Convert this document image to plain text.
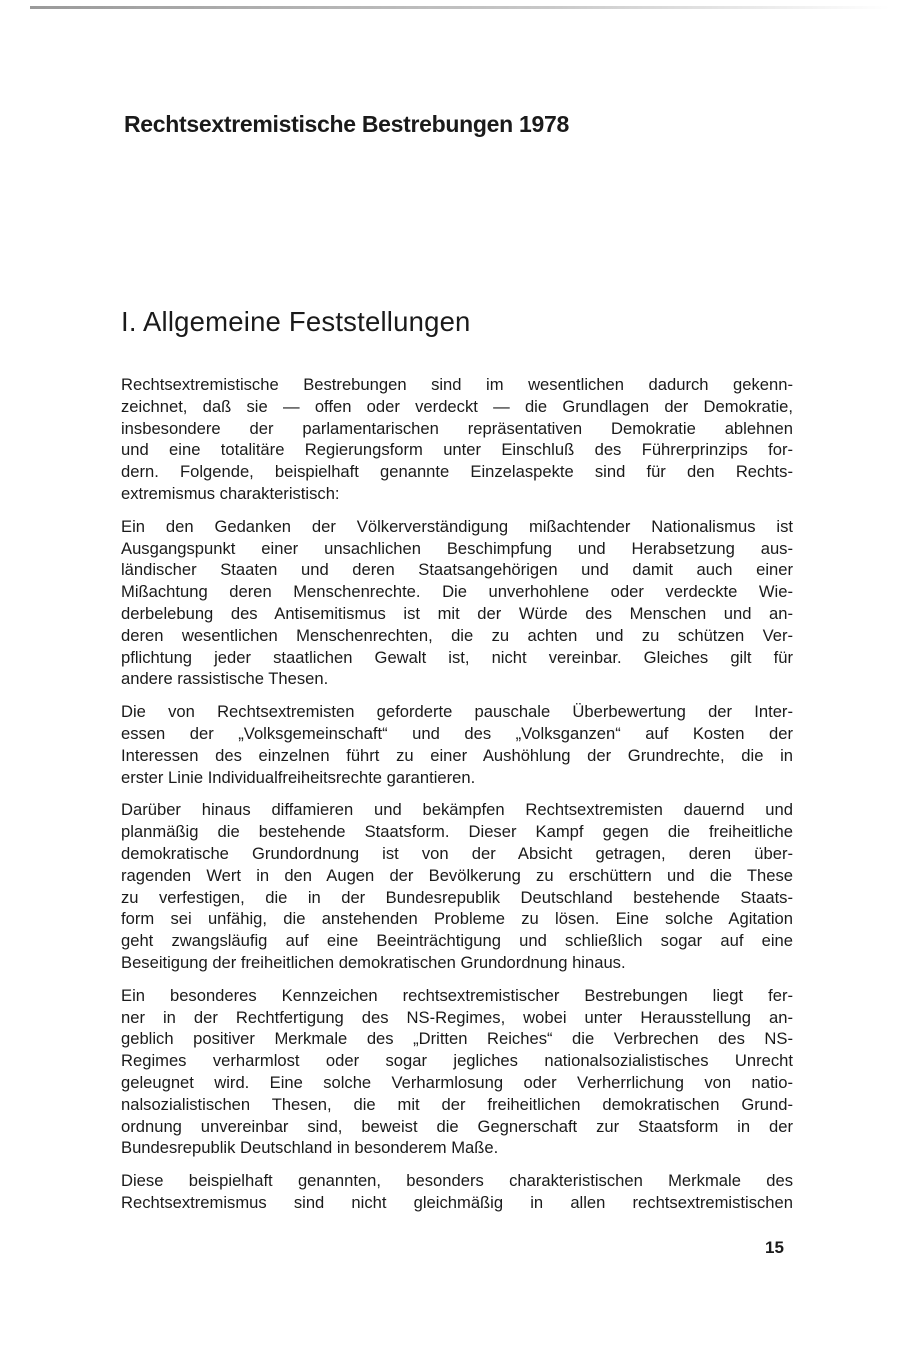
Rechtsextremistische Bestrebungen 1978
I. Allgemeine Feststellungen

Rechtsextremistische Bestrebungen sind im wesentlichen dadurch gekenn-
zeichnet, daß sie — offen oder verdeckt — die Grundlagen der Demokratie,
insbesondere der parlamentarischen repräsentativen Demokratie ablehnen
und eine totalitäre Regierungsform unter Einschluß des Führerprinzips for-
dern. Folgende, beispielhaft genannte Einzelaspekte sind für den Rechts-
extremismus charakteristisch:

Ein den Gedanken der Völkerverständigung mißachtender Nationalismus ist
Ausgangspunkt einer unsachlichen Beschimpfung und Herabsetzung aus-
ländischer Staaten und deren Staatsangehörigen und damit auch einer
Mißachtung deren Menschenrechte. Die unverhohlene oder verdeckte Wie-
derbelebung des Antisemitismus ist mit der Würde des Menschen und an-
deren wesentlichen Menschenrechten, die zu achten und zu schützen Ver-
pflichtung jeder staatlichen Gewalt ist, nicht vereinbar. Gleiches gilt für
andere rassistische Thesen.

Die von Rechtsextremisten geforderte pauschale Überbewertung der Inter-
essen der „Volksgemeinschaft“ und des „Volksganzen“ auf Kosten der
Interessen des einzelnen führt zu einer Aushöhlung der Grundrechte, die in
erster Linie Individualfreiheitsrechte garantieren.

Darüber hinaus diffamieren und bekämpfen Rechtsextremisten dauernd und
planmäßig die bestehende Staatsform. Dieser Kampf gegen die freiheitliche
demokratische Grundordnung ist von der Absicht getragen, deren über-
ragenden Wert in den Augen der Bevölkerung zu erschüttern und die These
zu verfestigen, die in der Bundesrepublik Deutschland bestehende Staats-
form sei unfähig, die anstehenden Probleme zu lösen. Eine solche Agitation
geht zwangsläufig auf eine Beeinträchtigung und schließlich sogar auf eine
Beseitigung der freiheitlichen demokratischen Grundordnung hinaus.

Ein besonderes Kennzeichen rechtsextremistischer Bestrebungen liegt fer-
ner in der Rechtfertigung des NS-Regimes, wobei unter Herausstellung an-
geblich positiver Merkmale des „Dritten Reiches“ die Verbrechen des NS-
Regimes verharmlost oder sogar jegliches nationalsozialistisches Unrecht
geleugnet wird. Eine solche Verharmlosung oder Verherrlichung von natio-
nalsozialistischen Thesen, die mit der freiheitlichen demokratischen Grund-
ordnung unvereinbar sind, beweist die Gegnerschaft zur Staatsform in der
Bundesrepublik Deutschland in besonderem Maße.

Diese beispielhaft genannten, besonders charakteristischen Merkmale des
Rechtsextremismus sind nicht gleichmäßig in allen rechtsextremistischen

15
